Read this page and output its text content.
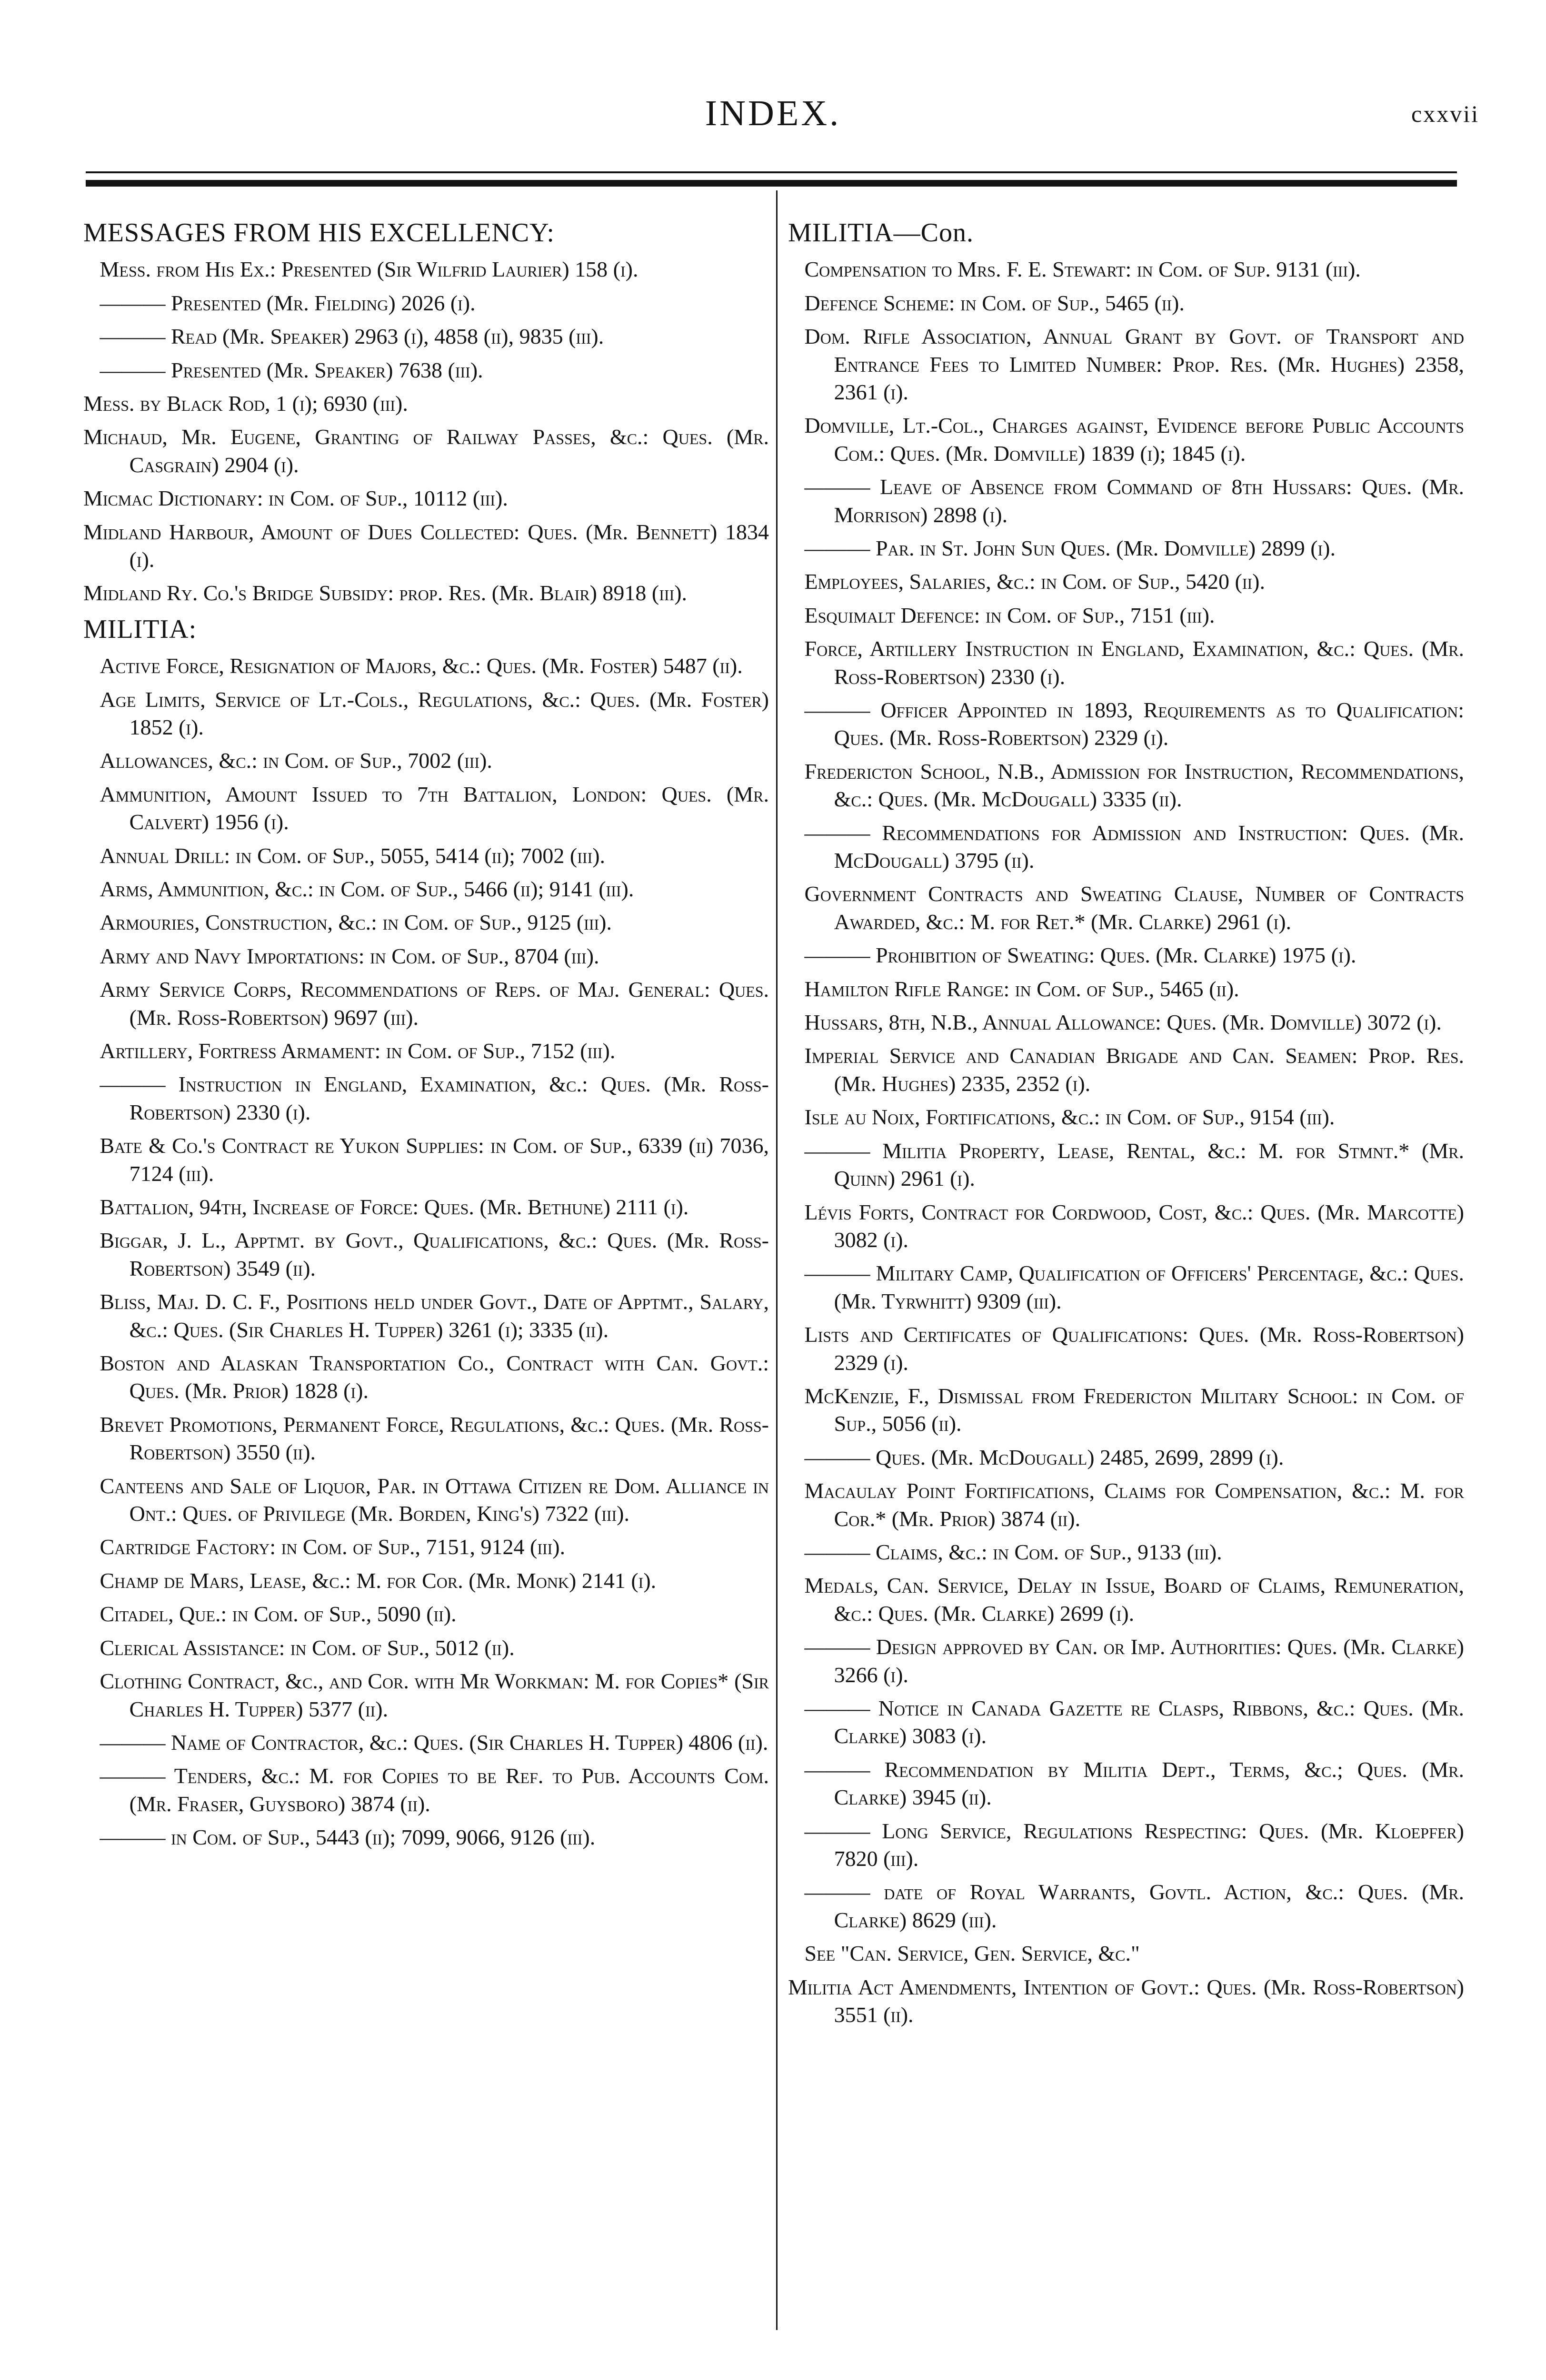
INDEX.	cxxvii
MESSAGES FROM HIS EXCELLENCY:
Mess. from His Ex.: Presented (Sir Wilfrid Laurier) 158 (i).
——— Presented (Mr. Fielding) 2026 (i).
——— Read (Mr. Speaker) 2963 (i), 4858 (ii), 9835 (iii).
——— Presented (Mr. Speaker) 7638 (iii).
Mess. by Black Rod, 1 (i); 6930 (iii).
Michaud, Mr. Eugene, Granting of Railway Passes, &c.: Ques. (Mr. Casgrain) 2904 (i).
Micmac Dictionary: in Com. of Sup., 10112 (iii).
Midland Harbour, Amount of Dues Collected: Ques. (Mr. Bennett) 1834 (i).
Midland Ry. Co.'s Bridge Subsidy: prop. Res. (Mr. Blair) 8918 (iii).
MILITIA:
Active Force, Resignation of Majors, &c.: Ques. (Mr. Foster) 5487 (ii).
Age Limits, Service of Lt.-Cols., Regulations, &c.: Ques. (Mr. Foster) 1852 (i).
Allowances, &c.: in Com. of Sup., 7002 (iii).
Ammunition, Amount Issued to 7th Battalion, London: Ques. (Mr. Calvert) 1956 (i).
Annual Drill: in Com. of Sup., 5055, 5414 (ii); 7002 (iii).
Arms, Ammunition, &c.: in Com. of Sup., 5466 (ii); 9141 (iii).
Armouries, Construction, &c.: in Com. of Sup., 9125 (iii).
Army and Navy Importations: in Com. of Sup., 8704 (iii).
Army Service Corps, Recommendations of Reps. of Maj. General: Ques. (Mr. Ross-Robertson) 9697 (iii).
Artillery, Fortress Armament: in Com. of Sup., 7152 (iii).
——— Instruction in England, Examination, &c.: Ques. (Mr. Ross-Robertson) 2330 (i).
Bate & Co.'s Contract re Yukon Supplies: in Com. of Sup., 6339 (ii) 7036, 7124 (iii).
Battalion, 94th, Increase of Force: Ques. (Mr. Bethune) 2111 (i).
Biggar, J. L., Apptmt. by Govt., Qualifications, &c.: Ques. (Mr. Ross-Robertson) 3549 (ii).
Bliss, Maj. D. C. F., Positions held under Govt., Date of Apptmt., Salary, &c.: Ques. (Sir Charles H. Tupper) 3261 (i); 3335 (ii).
Boston and Alaskan Transportation Co., Contract with Can. Govt.: Ques. (Mr. Prior) 1828 (i).
Brevet Promotions, Permanent Force, Regulations, &c.: Ques. (Mr. Ross-Robertson) 3550 (ii).
Canteens and Sale of Liquor, Par. in Ottawa Citizen re Dom. Alliance in Ont.: Ques. of Privilege (Mr. Borden, King's) 7322 (iii).
Cartridge Factory: in Com. of Sup., 7151, 9124 (iii).
Champ de Mars, Lease, &c.: M. for Cor. (Mr. Monk) 2141 (i).
Citadel, Que.: in Com. of Sup., 5090 (ii).
Clerical Assistance: in Com. of Sup., 5012 (ii).
Clothing Contract, &c., and Cor. with Mr Workman: M. for Copies* (Sir Charles H. Tupper) 5377 (ii).
——— Name of Contractor, &c.: Ques. (Sir Charles H. Tupper) 4806 (ii).
——— Tenders, &c.: M. for Copies to be Ref. to Pub. Accounts Com. (Mr. Fraser, Guysboro) 3874 (ii).
——— in Com. of Sup., 5443 (ii); 7099, 9066, 9126 (iii).
MILITIA—Con.
Compensation to Mrs. F. E. Stewart: in Com. of Sup. 9131 (iii).
Defence Scheme: in Com. of Sup., 5465 (ii).
Dom. Rifle Association, Annual Grant by Govt. of Transport and Entrance Fees to Limited Number: Prop. Res. (Mr. Hughes) 2358, 2361 (i).
Domville, Lt.-Col., Charges against, Evidence before Public Accounts Com.: Ques. (Mr. Domville) 1839 (i); 1845 (i).
——— Leave of Absence from Command of 8th Hussars: Ques. (Mr. Morrison) 2898 (i).
——— Par. in St. John Sun Ques. (Mr. Domville) 2899 (i).
Employees, Salaries, &c.: in Com. of Sup., 5420 (ii).
Esquimalt Defence: in Com. of Sup., 7151 (iii).
Force, Artillery Instruction in England, Examination, &c.: Ques. (Mr. Ross-Robertson) 2330 (i).
——— Officer Appointed in 1893, Requirements as to Qualification: Ques. (Mr. Ross-Robertson) 2329 (i).
Fredericton School, N.B., Admission for Instruction, Recommendations, &c.: Ques. (Mr. McDougall) 3335 (ii).
——— Recommendations for Admission and Instruction: Ques. (Mr. McDougall) 3795 (ii).
Government Contracts and Sweating Clause, Number of Contracts Awarded, &c.: M. for Ret.* (Mr. Clarke) 2961 (i).
——— Prohibition of Sweating: Ques. (Mr. Clarke) 1975 (i).
Hamilton Rifle Range: in Com. of Sup., 5465 (ii).
Hussars, 8th, N.B., Annual Allowance: Ques. (Mr. Domville) 3072 (i).
Imperial Service and Canadian Brigade and Can. Seamen: Prop. Res. (Mr. Hughes) 2335, 2352 (i).
Isle au Noix, Fortifications, &c.: in Com. of Sup., 9154 (iii).
——— Militia Property, Lease, Rental, &c.: M. for Stmnt.* (Mr. Quinn) 2961 (i).
Lévis Forts, Contract for Cordwood, Cost, &c.: Ques. (Mr. Marcotte) 3082 (i).
——— Military Camp, Qualification of Officers' Percentage, &c.: Ques. (Mr. Tyrwhitt) 9309 (iii).
Lists and Certificates of Qualifications: Ques. (Mr. Ross-Robertson) 2329 (i).
McKenzie, F., Dismissal from Fredericton Military School: in Com. of Sup., 5056 (ii).
——— Ques. (Mr. McDougall) 2485, 2699, 2899 (i).
Macaulay Point Fortifications, Claims for Compensation, &c.: M. for Cor.* (Mr. Prior) 3874 (ii).
——— Claims, &c.: in Com. of Sup., 9133 (iii).
Medals, Can. Service, Delay in Issue, Board of Claims, Remuneration, &c.: Ques. (Mr. Clarke) 2699 (i).
——— Design approved by Can. or Imp. Authorities: Ques. (Mr. Clarke) 3266 (i).
——— Notice in Canada Gazette re Clasps, Ribbons, &c.: Ques. (Mr. Clarke) 3083 (i).
——— Recommendation by Militia Dept., Terms, &c.; Ques. (Mr. Clarke) 3945 (ii).
——— Long Service, Regulations Respecting: Ques. (Mr. Kloepfer) 7820 (iii).
——— date of Royal Warrants, Govtl. Action, &c.: Ques. (Mr. Clarke) 8629 (iii).
See "Can. Service, Gen. Service, &c."
Militia Act Amendments, Intention of Govt.: Ques. (Mr. Ross-Robertson) 3551 (ii).
